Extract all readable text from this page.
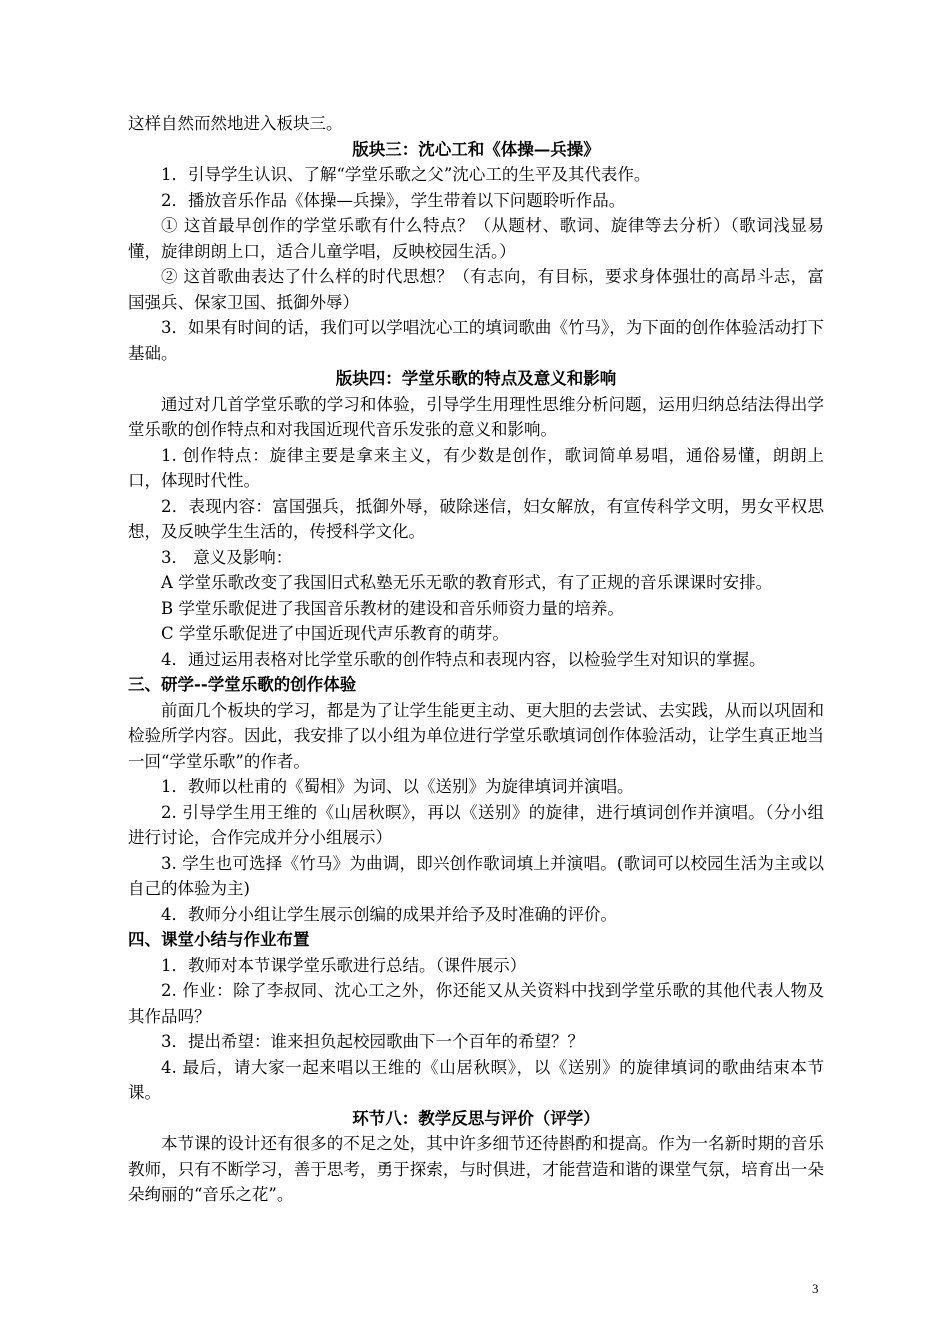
这样自然而然地进入板块三。

版块三：沈心工和《体操—兵操》

1．引导学生认识、了解“学堂乐歌之父”沈心工的生平及其代表作。

2．播放音乐作品《体操—兵操》，学生带着以下问题聆听作品。

① 这首最早创作的学堂乐歌有什么特点？（从题材、歌词、旋律等去分析）（歌词浅显易懂，旋律朗朗上口，适合儿童学唱，反映校园生活。）

② 这首歌曲表达了什么样的时代思想？（有志向，有目标，要求身体强壮的高昂斗志，富国强兵、保家卫国、抵御外辱）

3．如果有时间的话，我们可以学唱沈心工的填词歌曲《竹马》，为下面的创作体验活动打下基础。

版块四：学堂乐歌的特点及意义和影响

通过对几首学堂乐歌的学习和体验，引导学生用理性思维分析问题，运用归纳总结法得出学堂乐歌的创作特点和对我国近现代音乐发张的意义和影响。

1. 创作特点：旋律主要是拿来主义，有少数是创作，歌词简单易唱，通俗易懂，朗朗上口，体现时代性。

2．表现内容：富国强兵，抵御外辱，破除迷信，妇女解放，有宣传科学文明，男女平权思想，及反映学生生活的，传授科学文化。

3． 意义及影响：

A 学堂乐歌改变了我国旧式私塾无乐无歌的教育形式，有了正规的音乐课课时安排。

B 学堂乐歌促进了我国音乐教材的建设和音乐师资力量的培养。

C 学堂乐歌促进了中国近现代声乐教育的萌芽。

4．通过运用表格对比学堂乐歌的创作特点和表现内容，以检验学生对知识的掌握。

三、研学--学堂乐歌的创作体验

前面几个板块的学习，都是为了让学生能更主动、更大胆的去尝试、去实践，从而以巩固和检验所学内容。因此，我安排了以小组为单位进行学堂乐歌填词创作体验活动，让学生真正地当一回“学堂乐歌”的作者。

1．教师以杜甫的《蜀相》为词、以《送别》为旋律填词并演唱。

2. 引导学生用王维的《山居秋暝》，再以《送别》的旋律，进行填词创作并演唱。（分小组进行讨论，合作完成并分小组展示）

3. 学生也可选择《竹马》为曲调，即兴创作歌词填上并演唱。(歌词可以校园生活为主或以自己的体验为主)

4．教师分小组让学生展示创编的成果并给予及时准确的评价。

四、课堂小结与作业布置

1．教师对本节课学堂乐歌进行总结。（课件展示）

2. 作业：除了李叔同、沈心工之外，你还能又从关资料中找到学堂乐歌的其他代表人物及其作品吗？

3．提出希望：谁来担负起校园歌曲下一个百年的希望？？

4. 最后，请大家一起来唱以王维的《山居秋暝》，以《送别》的旋律填词的歌曲结束本节课。

环节八：教学反思与评价（评学）

本节课的设计还有很多的不足之处，其中许多细节还待斟酌和提高。作为一名新时期的音乐教师，只有不断学习，善于思考，勇于探索，与时俱进，才能营造和谐的课堂气氛，培育出一朵朵绚丽的“音乐之花”。

3
